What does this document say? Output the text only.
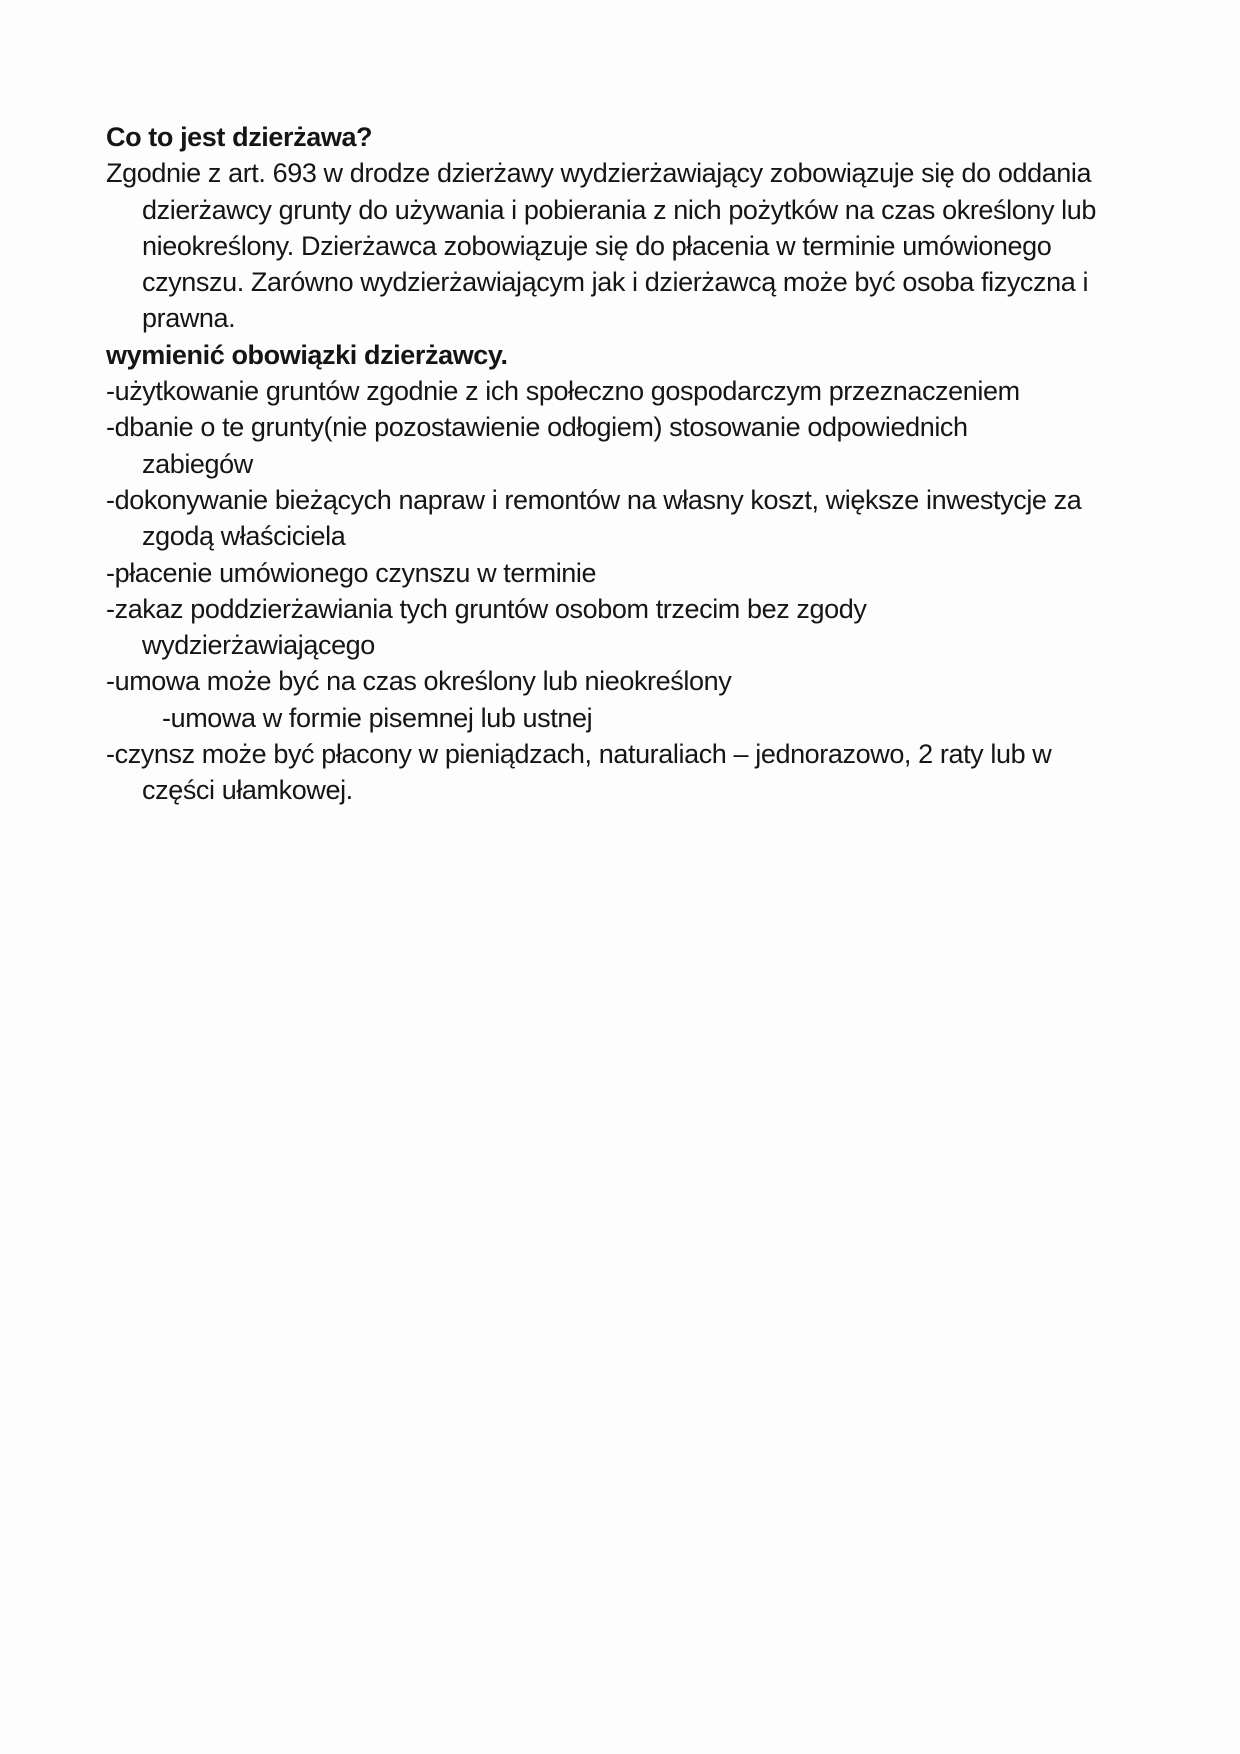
Co to jest dzierżawa?
Zgodnie z art. 693 w drodze dzierżawy wydzierżawiający zobowiązuje się do oddania
dzierżawcy grunty do używania i pobierania z nich pożytków na czas określony lub
nieokreślony. Dzierżawca zobowiązuje się do płacenia w terminie umówionego
czynszu. Zarówno wydzierżawiającym jak i dzierżawcą może być osoba fizyczna i
prawna.
wymienić obowiązki dzierżawcy.
-użytkowanie gruntów zgodnie z ich społeczno gospodarczym przeznaczeniem
-dbanie o te grunty(nie pozostawienie odłogiem) stosowanie odpowiednich
zabiegów
-dokonywanie bieżących napraw i remontów na własny koszt, większe inwestycje za
zgodą właściciela
-płacenie umówionego czynszu w terminie
-zakaz poddzierżawiania tych gruntów osobom trzecim bez zgody
wydzierżawiającego
-umowa może być na czas określony lub nieokreślony
-umowa w formie pisemnej lub ustnej
-czynsz może być płacony w pieniądzach, naturaliach – jednorazowo, 2 raty lub w
części ułamkowej.
